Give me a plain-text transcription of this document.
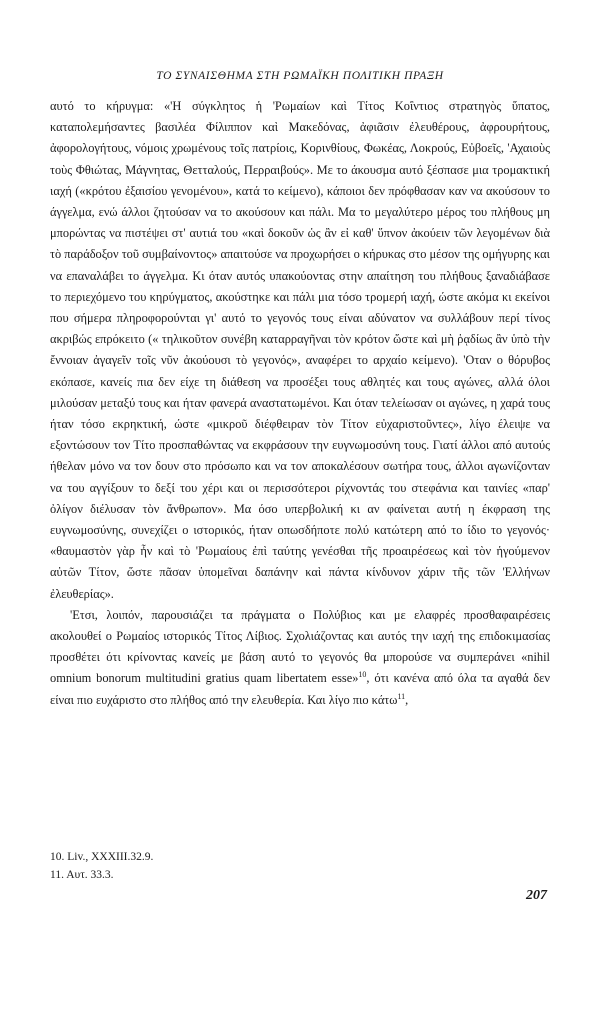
ΤΟ ΣΥΝΑΙΣΘΗΜΑ ΣΤΗ ΡΩΜΑΪΚΗ ΠΟΛΙΤΙΚΗ ΠΡΑΞΗ

αυτό το κήρυγμα: «'Η σύγκλητος ἡ 'Ρωμαίων καὶ Τίτος Κοΐντιος στρατηγὸς ὕπατος, καταπολεμήσαντες βασιλέα Φίλιππον καὶ Μακεδόνας, ἀφιᾶσιν ἐλευθέρους, ἀφρουρήτους, ἀφορολογήτους, νόμοις χρωμένους τοῖς πατρίοις, Κορινθίους, Φωκέας, Λοκρούς, Εὐβοεῖς, 'Αχαιοὺς τοὺς Φθιώτας, Μάγνητας, Θετταλούς, Περραιβούς». Με το άκουσμα αυτό ξέσπασε μια τρομακτική ιαχή («κρότου ἐξαισίου γενομένου», κατά το κείμενο), κάποιοι δεν πρόφθασαν καν να ακούσουν το άγγελμα, ενώ άλλοι ζητούσαν να το ακούσουν και πάλι. Μα το μεγαλύτερο μέρος του πλήθους μη μπορώντας να πιστέψει στ' αυτιά του «καὶ δοκοῦν ὡς ἂν εἰ καθ' ὕπνον ἀκούειν τῶν λεγομένων διὰ τὸ παράδοξον τοῦ συμβαίνοντος» απαιτούσε να προχωρήσει ο κήρυκας στο μέσον της ομήγυρης και να επαναλάβει το άγγελμα. Κι όταν αυτός υπακούοντας στην απαίτηση του πλήθους ξαναδιάβασε το περιεχόμενο του κηρύγματος, ακούστηκε και πάλι μια τόσο τρομερή ιαχή, ώστε ακόμα κι εκείνοι που σήμερα πληροφορούνται γι' αυτό το γεγονός τους είναι αδύνατον να συλλάβουν περί τίνος ακριβώς επρόκειτο (« τηλικοῦτον συνέβη καταρραγῆναι τὸν κρότον ὥστε καὶ μὴ ῥᾳδίως ἂν ὑπὸ τὴν ἔννοιαν ἀγαγεῖν τοῖς νῦν ἀκούουσι τὸ γεγονός», αναφέρει το αρχαίο κείμενο). 'Οταν ο θόρυβος εκόπασε, κανείς πια δεν είχε τη διάθεση να προσέξει τους αθλητές και τους αγώνες, αλλά όλοι μιλούσαν μεταξύ τους και ήταν φανερά αναστατωμένοι. Και όταν τελείωσαν οι αγώνες, η χαρά τους ήταν τόσο εκρηκτική, ώστε «μικροῦ διέφθειραν τὸν Τίτον εὐχαριστοῦντες», λίγο έλειψε να εξοντώσουν τον Τίτο προσπαθώντας να εκφράσουν την ευγνωμοσύνη τους. Γιατί άλλοι από αυτούς ήθελαν μόνο να τον δουν στο πρόσωπο και να τον αποκαλέσουν σωτήρα τους, άλλοι αγωνίζονταν να του αγγίξουν το δεξί του χέρι και οι περισσότεροι ρίχνοντάς του στεφάνια και ταινίες «παρ' ὀλίγον διέλυσαν τὸν ἄνθρωπον». Μα όσο υπερβολική κι αν φαίνεται αυτή η έκφραση της ευγνωμοσύνης, συνεχίζει ο ιστορικός, ήταν οπωσδήποτε πολύ κατώτερη από το ίδιο το γεγονός· «θαυμαστὸν γὰρ ἦν καὶ τὸ 'Ρωμαίους ἐπὶ ταύτης γενέσθαι τῆς προαιρέσεως καὶ τὸν ἡγούμενον αὐτῶν Τίτον, ὥστε πᾶσαν ὑπομεῖναι δαπάνην καὶ πάντα κίνδυνον χάριν τῆς τῶν 'Ελλήνων ἐλευθερίας».

'Ετσι, λοιπόν, παρουσιάζει τα πράγματα ο Πολύβιος και με ελαφρές προσθαφαιρέσεις ακολουθεί ο Ρωμαίος ιστορικός Τίτος Λίβιος. Σχολιάζοντας και αυτός την ιαχή της επιδοκιμασίας προσθέτει ότι κρίνοντας κανείς με βάση αυτό το γεγονός θα μπορούσε να συμπεράνει «nihil omnium bonorum multitudini gratius quam libertatem esse»$^{10}$, ότι κανένα από όλα τα αγαθά δεν είναι πιο ευχάριστο στο πλήθος από την ελευθερία. Και λίγο πιο κάτω$^{11}$,

10. Liv., XXXIII.32.9.
11. Αυτ. 33.3.
207
